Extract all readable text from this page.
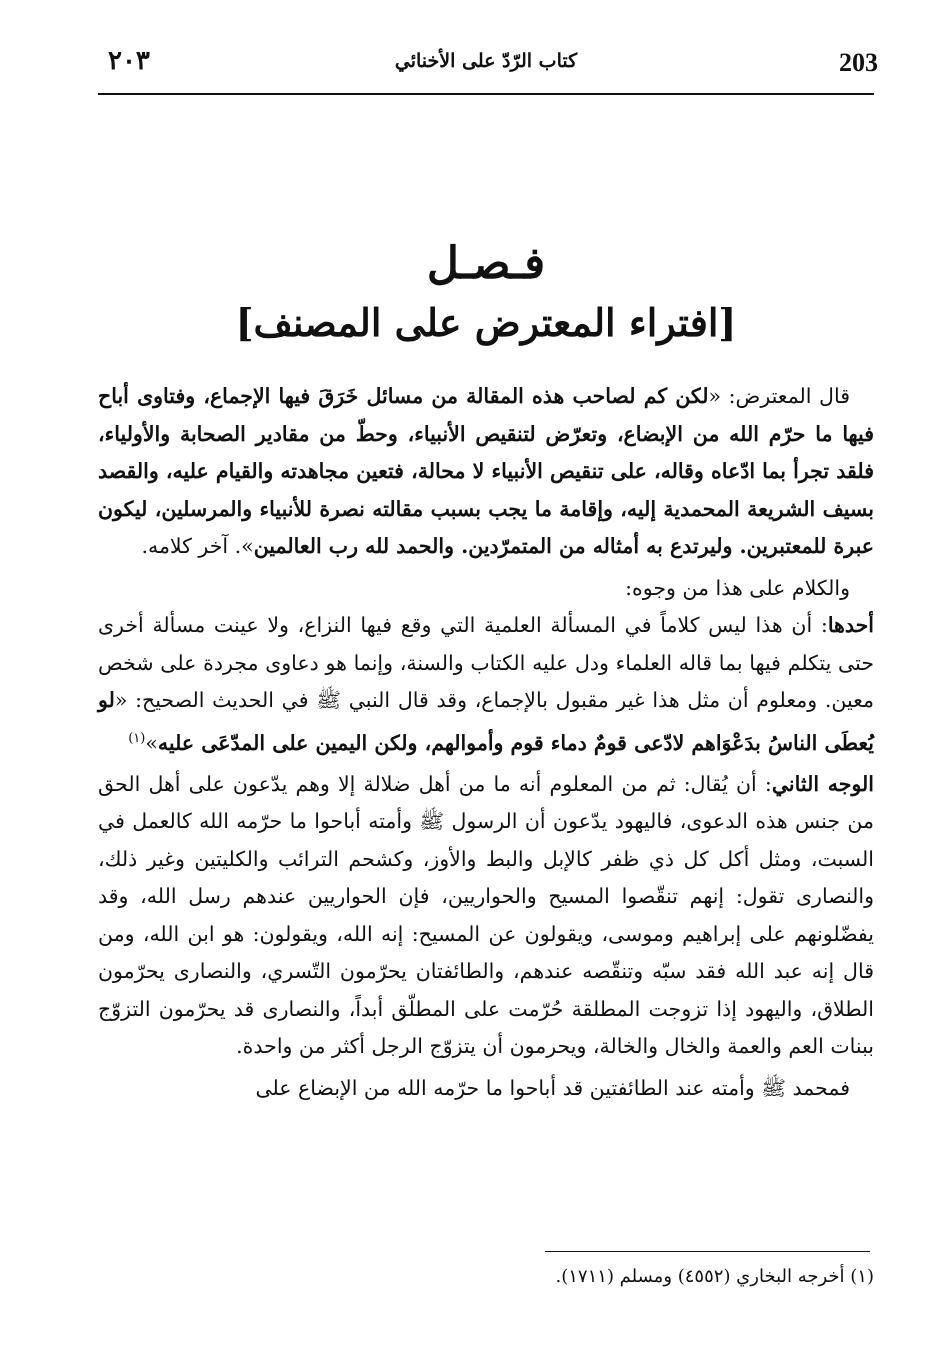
203
كتاب الرّدّ على الأخنائي
٢٠٣
فـصـل
[افتراء المعترض على المصنف]

قال المعترض: «لكن كم لصاحب هذه المقالة من مسائل خَرَقَ فيها الإجماع، وفتاوى أباح فيها ما حرّم الله من الإبضاع، وتعرّض لتنقيص الأنبياء، وحطّ من مقادير الصحابة والأولياء، فلقد تجرأ بما ادّعاه وقاله، على تنقيص الأنبياء لا محالة، فتعين مجاهدته والقيام عليه، والقصد بسيف الشريعة المحمدية إليه، وإقامة ما يجب بسبب مقالته نصرة للأنبياء والمرسلين، ليكون عبرة للمعتبرين. وليرتدع به أمثاله من المتمرّدين. والحمد لله رب العالمين». آخر كلامه.

والكلام على هذا من وجوه:

أحدها: أن هذا ليس كلاماً في المسألة العلمية التي وقع فيها النزاع، ولا عينت مسألة أخرى حتى يتكلم فيها بما قاله العلماء ودل عليه الكتاب والسنة، وإنما هو دعاوى مجردة على شخص معين. ومعلوم أن مثل هذا غير مقبول بالإجماع، وقد قال النبي ﷺ في الحديث الصحيح: «لو يُعطَى الناسُ بدَعْوَاهم لادّعى قومٌ دماء قوم وأموالهم، ولكن اليمين على المدّعَى عليه»$^{(١)}$

الوجه الثاني: أن يُقال: ثم من المعلوم أنه ما من أهل ضلالة إلا وهم يدّعون على أهل الحق من جنس هذه الدعوى، فاليهود يدّعون أن الرسول ﷺ وأمته أباحوا ما حرّمه الله كالعمل في السبت، ومثل أكل كل ذي ظفر كالإبل والبط والأوز، وكشحم الترائب والكليتين وغير ذلك، والنصارى تقول: إنهم تنقّصوا المسيح والحواريين، فإن الحواريين عندهم رسل الله، وقد يفضّلونهم على إبراهيم وموسى، ويقولون عن المسيح: إنه الله، ويقولون: هو ابن الله، ومن قال إنه عبد الله فقد سبّه وتنقّصه عندهم، والطائفتان يحرّمون التّسري، والنصارى يحرّمون الطلاق، واليهود إذا تزوجت المطلقة حُرّمت على المطلّق أبداً، والنصارى قد يحرّمون التزوّج ببنات العم والعمة والخال والخالة، ويحرمون أن يتزوّج الرجل أكثر من واحدة.

فمحمد ﷺ وأمته عند الطائفتين قد أباحوا ما حرّمه الله من الإبضاع على

(١) أخرجه البخاري (٤٥٥٢) ومسلم (١٧١١).
